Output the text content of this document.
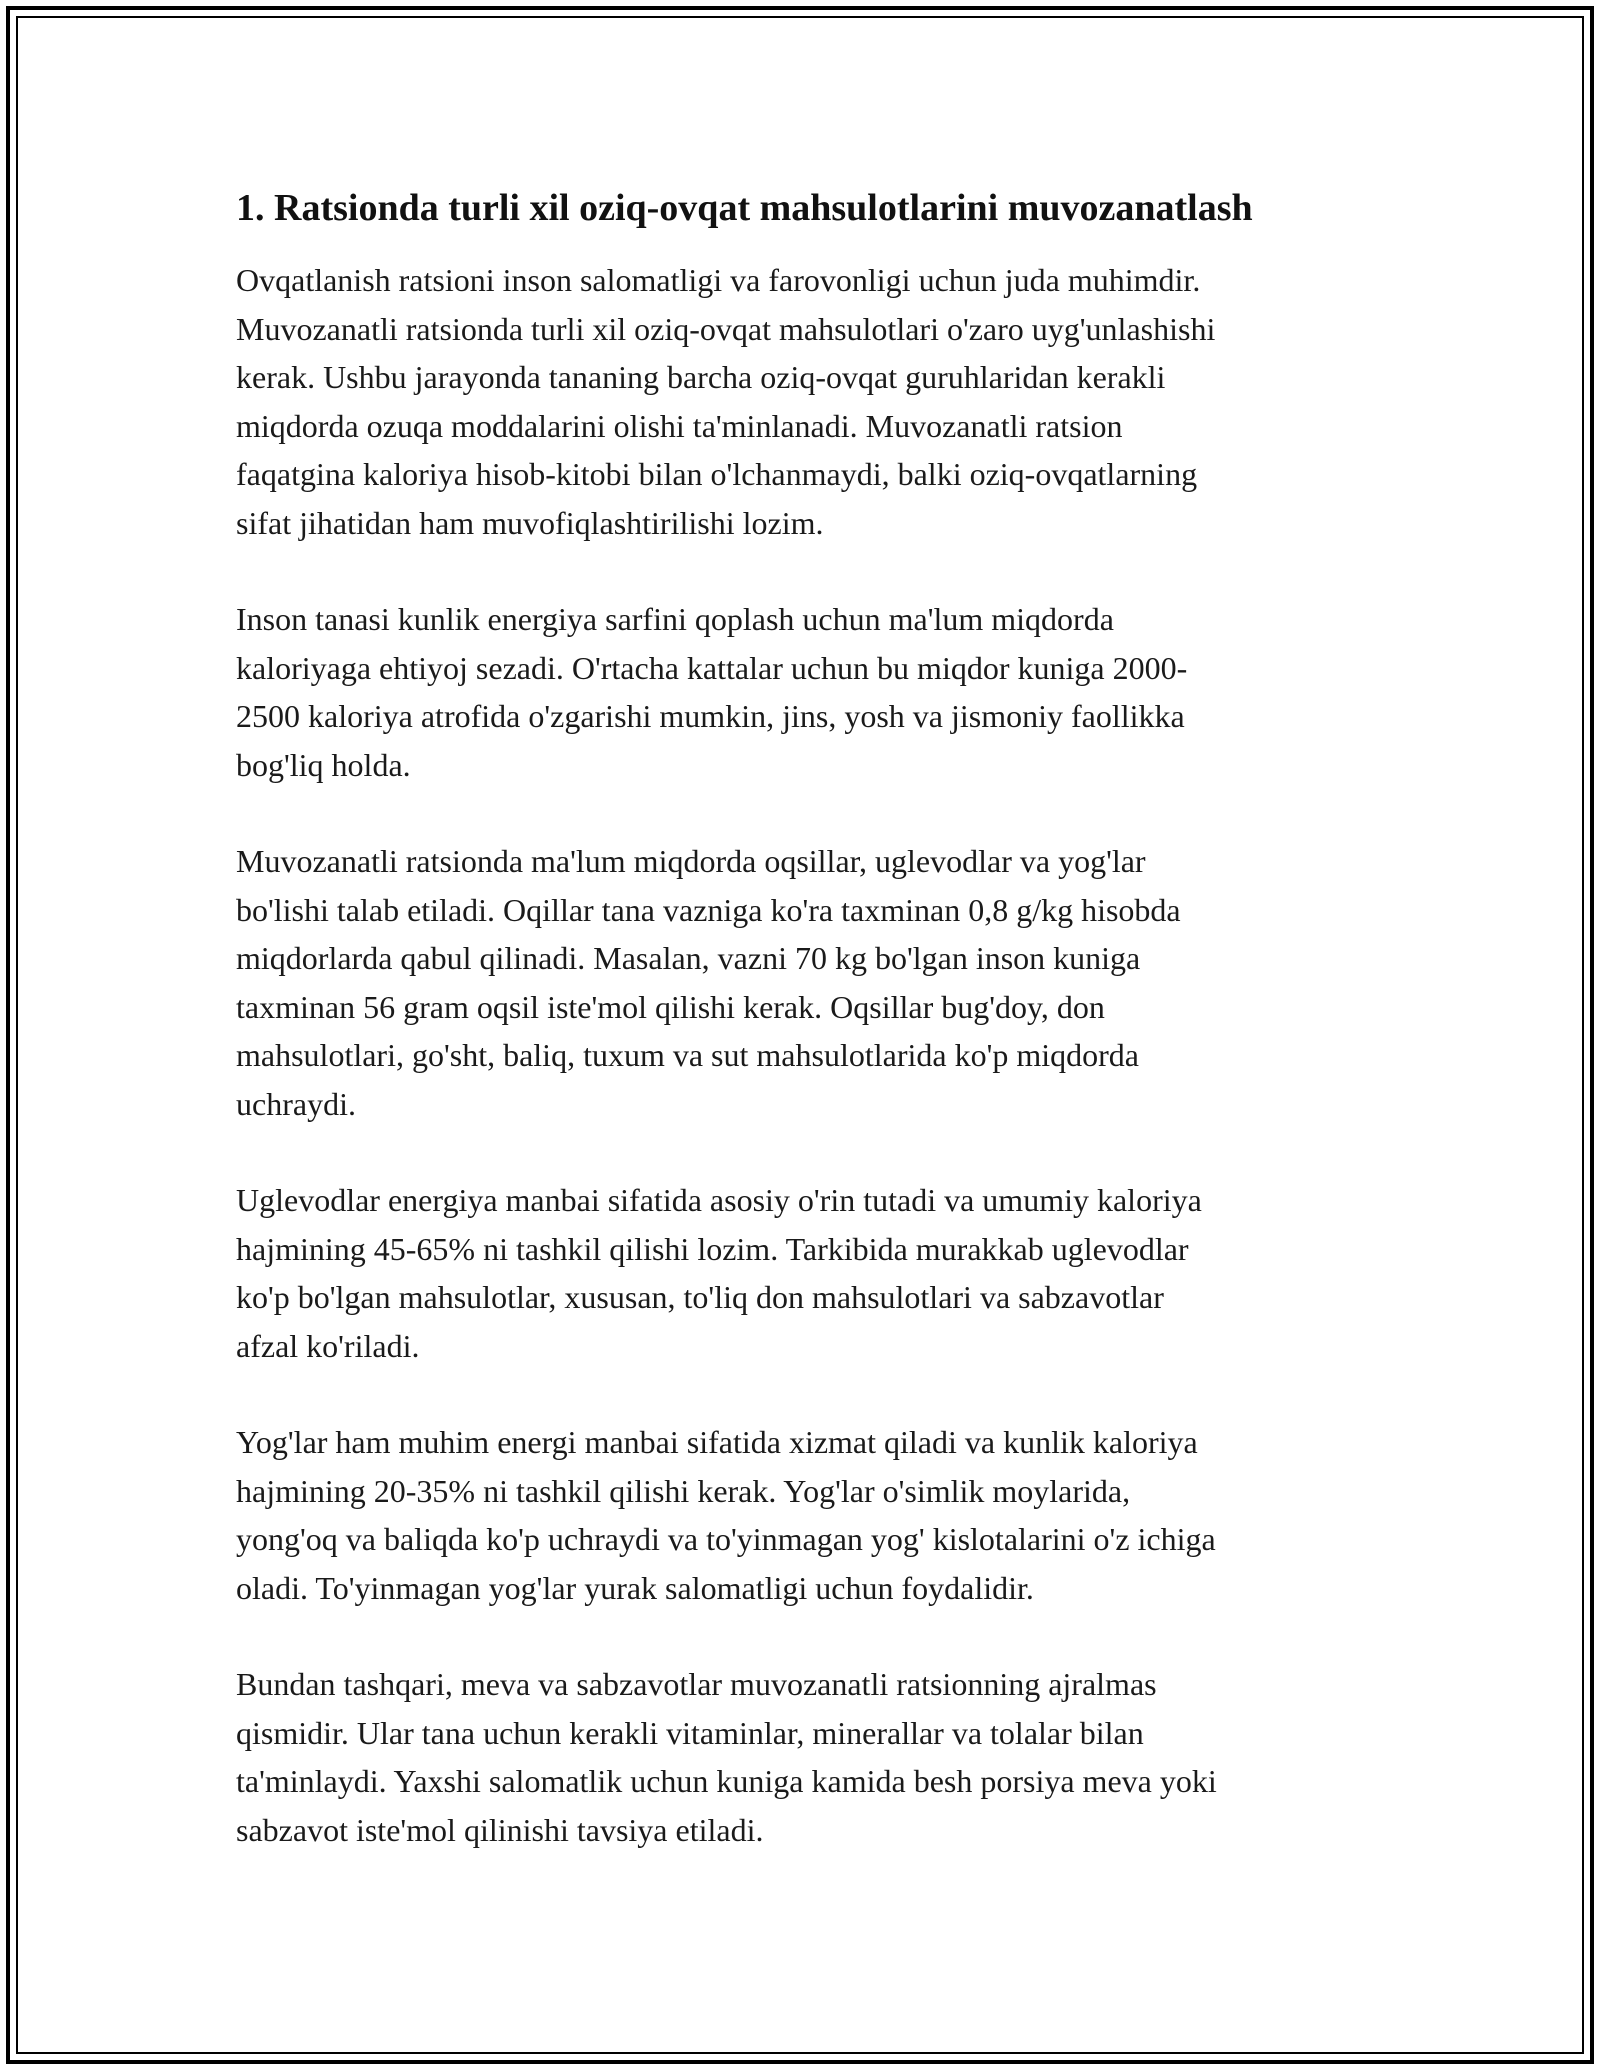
1. Ratsionda turli xil oziq-ovqat mahsulotlarini muvozanatlash

Ovqatlanish ratsioni inson salomatligi va farovonligi uchun juda muhimdir.
Muvozanatli ratsionda turli xil oziq-ovqat mahsulotlari o'zaro uyg'unlashishi
kerak. Ushbu jarayonda tananing barcha oziq-ovqat guruhlaridan kerakli
miqdorda ozuqa moddalarini olishi ta'minlanadi. Muvozanatli ratsion
faqatgina kaloriya hisob-kitobi bilan o'lchanmaydi, balki oziq-ovqatlarning
sifat jihatidan ham muvofiqlashtirilishi lozim.

Inson tanasi kunlik energiya sarfini qoplash uchun ma'lum miqdorda
kaloriyaga ehtiyoj sezadi. O'rtacha kattalar uchun bu miqdor kuniga 2000-
2500 kaloriya atrofida o'zgarishi mumkin, jins, yosh va jismoniy faollikka
bog'liq holda.

Muvozanatli ratsionda ma'lum miqdorda oqsillar, uglevodlar va yog'lar
bo'lishi talab etiladi. Oqillar tana vazniga ko'ra taxminan 0,8 g/kg hisobda
miqdorlarda qabul qilinadi. Masalan, vazni 70 kg bo'lgan inson kuniga
taxminan 56 gram oqsil iste'mol qilishi kerak. Oqsillar bug'doy, don
mahsulotlari, go'sht, baliq, tuxum va sut mahsulotlarida ko'p miqdorda
uchraydi.

Uglevodlar energiya manbai sifatida asosiy o'rin tutadi va umumiy kaloriya
hajmining 45-65% ni tashkil qilishi lozim. Tarkibida murakkab uglevodlar
ko'p bo'lgan mahsulotlar, xususan, to'liq don mahsulotlari va sabzavotlar
afzal ko'riladi.

Yog'lar ham muhim energi manbai sifatida xizmat qiladi va kunlik kaloriya
hajmining 20-35% ni tashkil qilishi kerak. Yog'lar o'simlik moylarida,
yong'oq va baliqda ko'p uchraydi va to'yinmagan yog' kislotalarini o'z ichiga
oladi. To'yinmagan yog'lar yurak salomatligi uchun foydalidir.

Bundan tashqari, meva va sabzavotlar muvozanatli ratsionning ajralmas
qismidir. Ular tana uchun kerakli vitaminlar, minerallar va tolalar bilan
ta'minlaydi. Yaxshi salomatlik uchun kuniga kamida besh porsiya meva yoki
sabzavot iste'mol qilinishi tavsiya etiladi.
